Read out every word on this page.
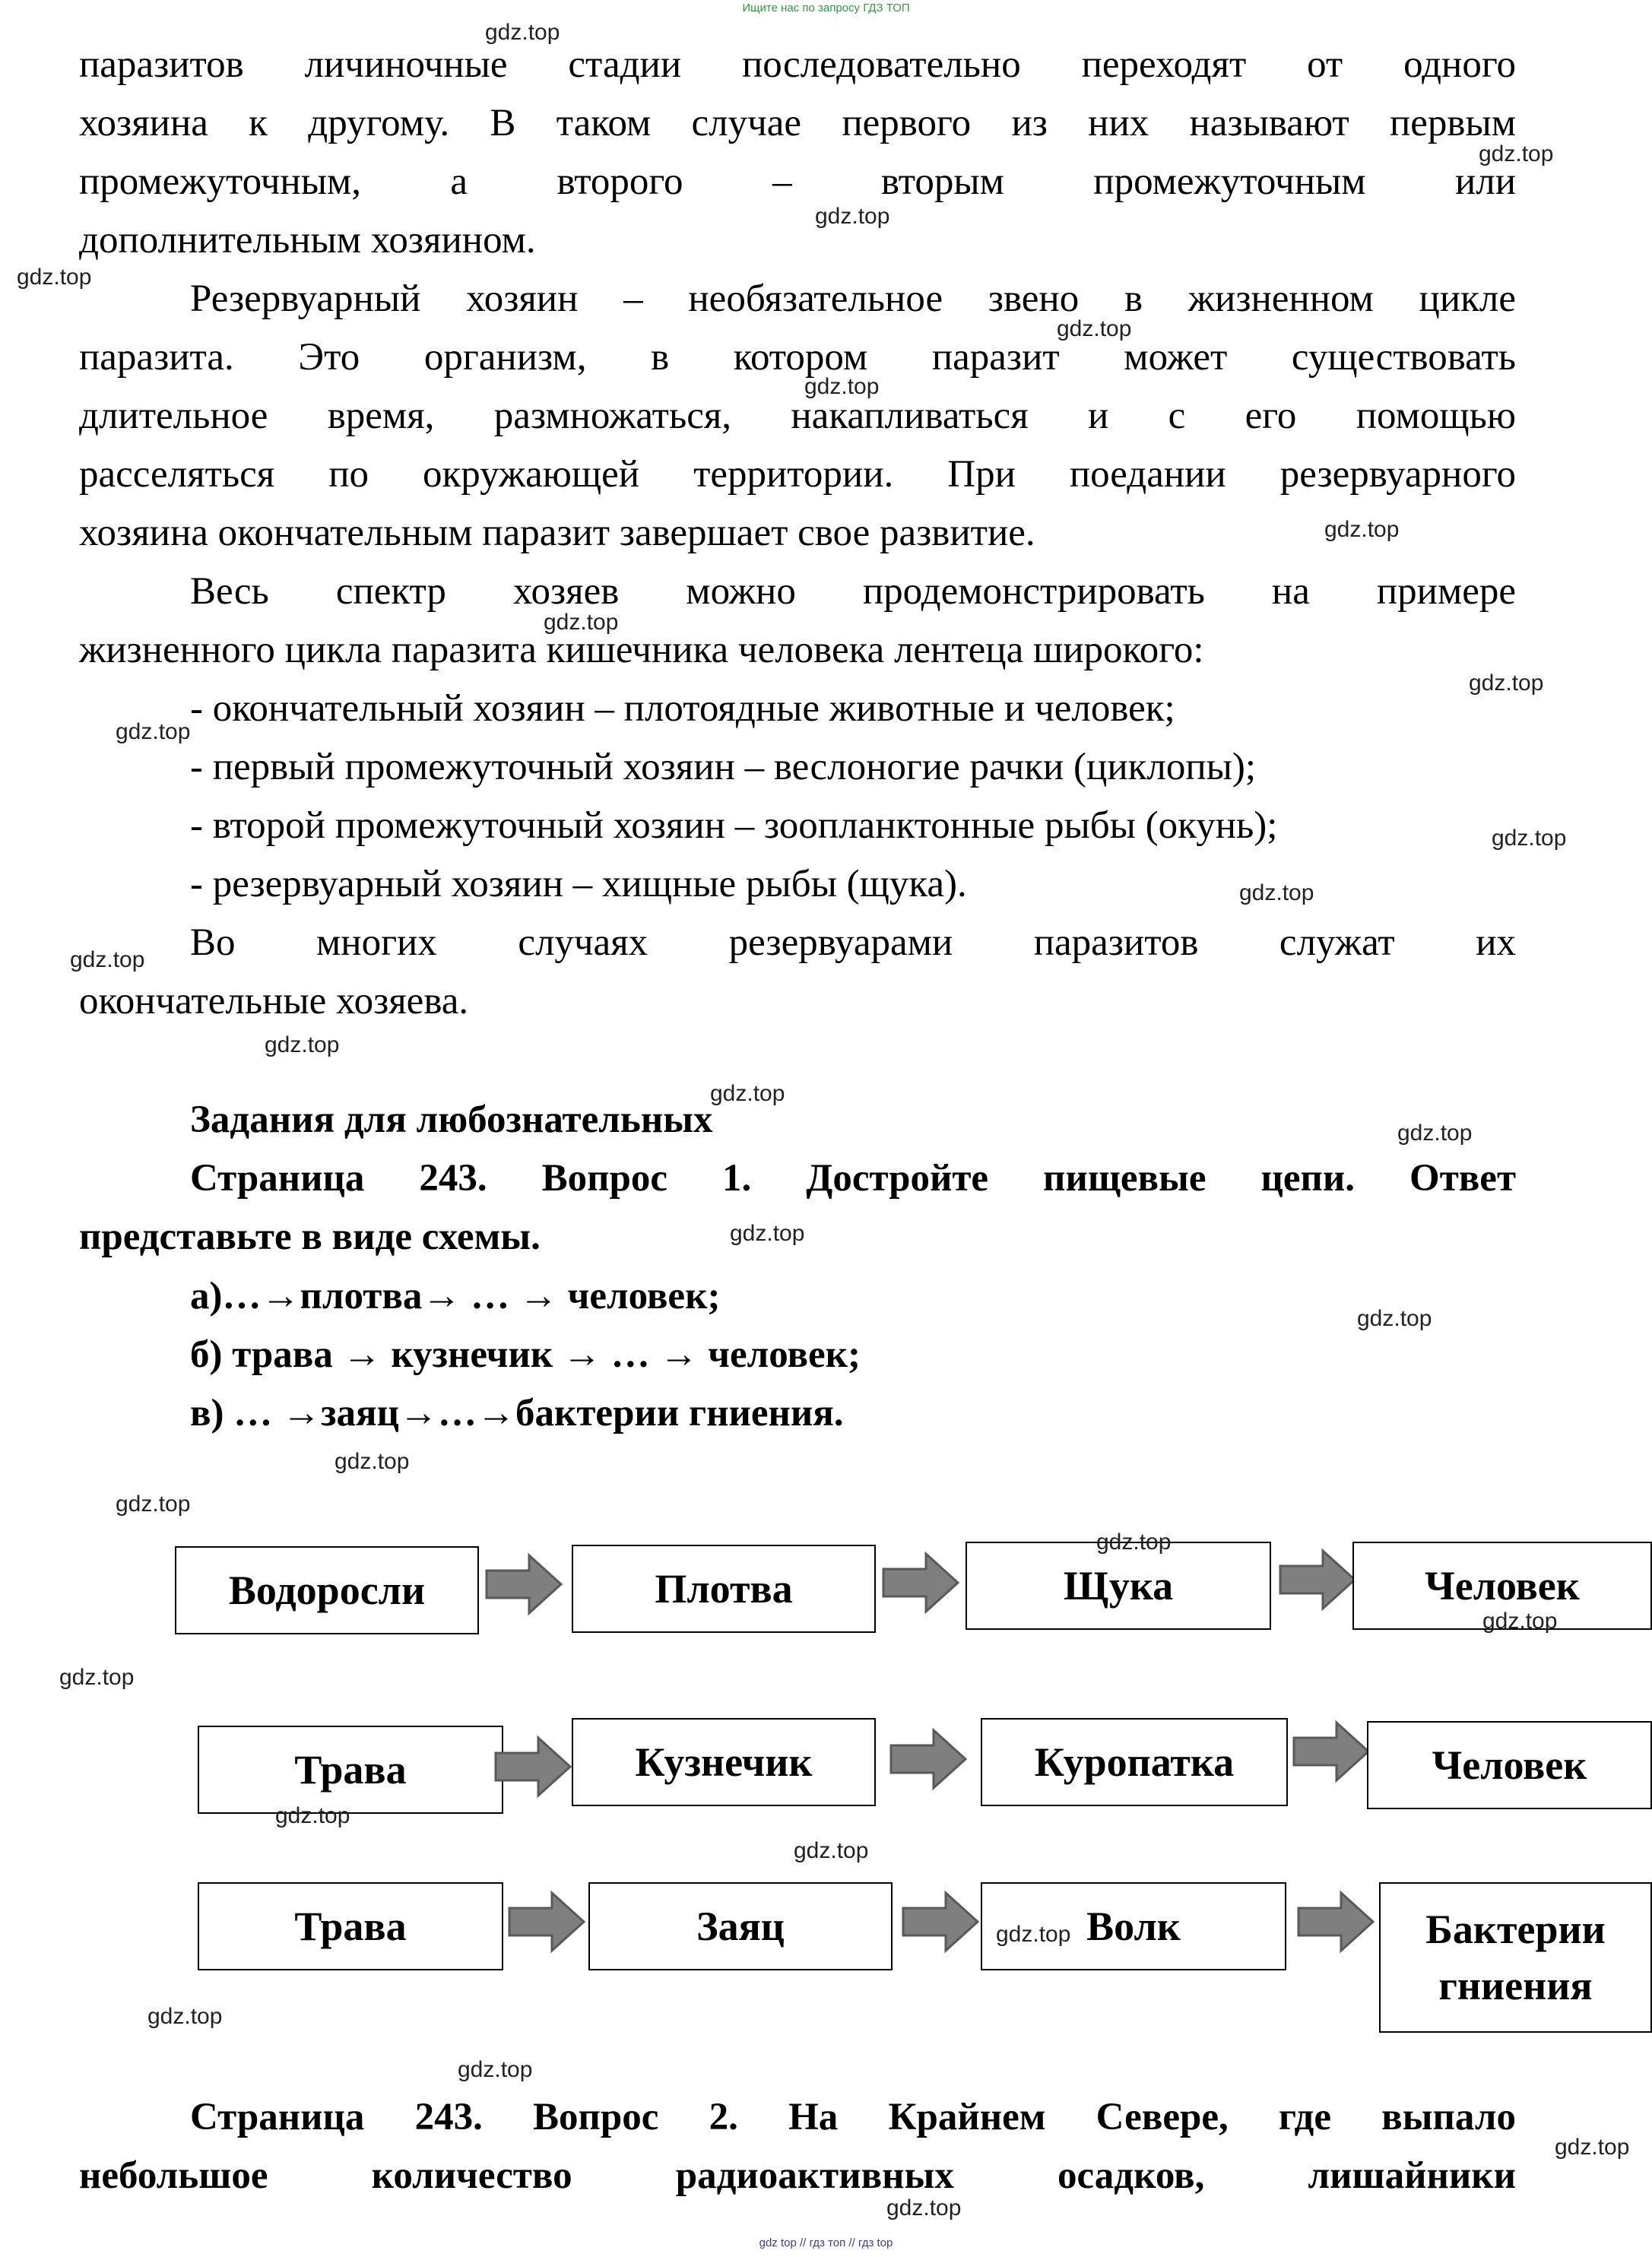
Ищите нас по запросу ГДЗ ТОП
паразитов личиночные стадии последовательно переходят от одного
хозяина к другому. В таком случае первого из них называют первым
промежуточным, а второго – вторым промежуточным или
дополнительным хозяином.
Резервуарный хозяин – необязательное звено в жизненном цикле
паразита. Это организм, в котором паразит может существовать
длительное время, размножаться, накапливаться и с его помощью
расселяться по окружающей территории. При поедании резервуарного
хозяина окончательным паразит завершает свое развитие.
Весь спектр хозяев можно продемонстрировать на примере
жизненного цикла паразита кишечника человека лентеца широкого:
- окончательный хозяин – плотоядные животные и человек;
- первый промежуточный хозяин – веслоногие рачки (циклопы);
- второй промежуточный хозяин – зоопланктонные рыбы (окунь);
- резервуарный хозяин – хищные рыбы (щука).
Во многих случаях резервуарами паразитов служат их
окончательные хозяева.
Задания для любознательных
Страница 243. Вопрос 1. Достройте пищевые цепи. Ответ
представьте в виде схемы.
а)…→плотва→ … → человек;
б) трава → кузнечик → … → человек;
в) … →заяц→…→бактерии гниения.
Водоросли	Плотва	Щука	Человек
Трава	Кузнечик	Куропатка	Человек
Трава	Заяц	Волк	Бактерии гниения
Страница 243. Вопрос 2. На Крайнем Севере, где выпало
небольшое количество радиоактивных осадков, лишайники
gdz.top
gdz.top
gdz.top
gdz.top
gdz.top
gdz.top
gdz.top
gdz.top
gdz.top
gdz.top
gdz.top
gdz.top
gdz.top
gdz.top
gdz.top
gdz.top
gdz.top
gdz.top
gdz.top
gdz.top
gdz.top
gdz.top
gdz.top
gdz.top
gdz.top
gdz.top
gdz.top
gdz.top
gdz.top
gdz.top
gdz top // гдз топ // гдз top
